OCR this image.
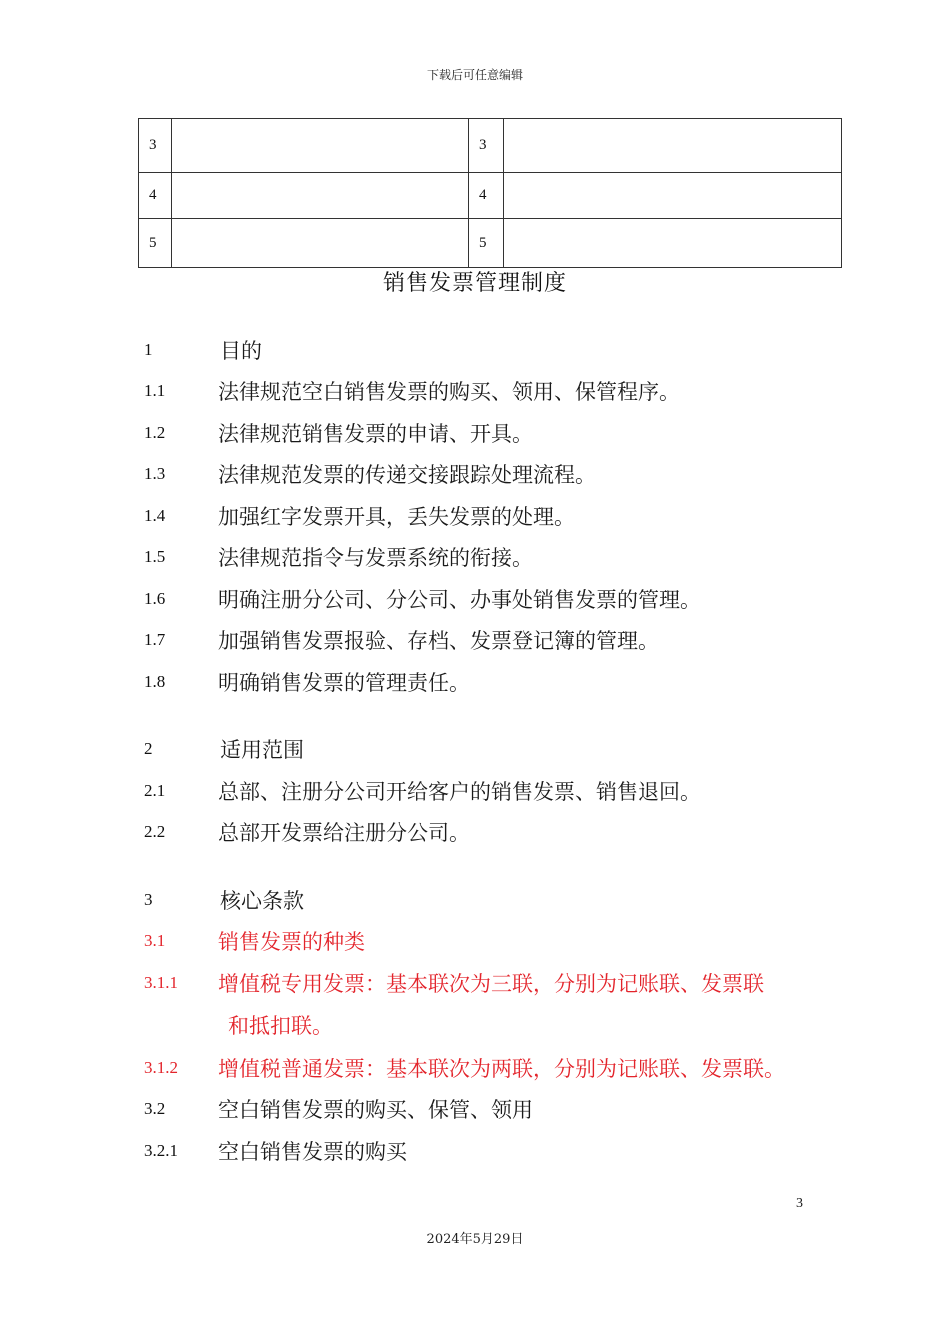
下载后可任意编辑
3		3	
4		4	
5		5	
销售发票管理制度
1	目的
1.1	法律规范空白销售发票的购买、领用、保管程序。
1.2	法律规范销售发票的申请、开具。
1.3	法律规范发票的传递交接跟踪处理流程。
1.4	加强红字发票开具，丢失发票的处理。
1.5	法律规范指令与发票系统的衔接。
1.6	明确注册分公司、分公司、办事处销售发票的管理。
1.7	加强销售发票报验、存档、发票登记簿的管理。
1.8	明确销售发票的管理责任。
2	适用范围
2.1	总部、注册分公司开给客户的销售发票、销售退回。
2.2	总部开发票给注册分公司。
3	核心条款
3.1	销售发票的种类
3.1.1	增值税专用发票：基本联次为三联，分别为记账联、发票联
和抵扣联。
3.1.2	增值税普通发票：基本联次为两联，分别为记账联、发票联。
3.2	空白销售发票的购买、保管、领用
3.2.1	空白销售发票的购买
3
2024年5月29日
